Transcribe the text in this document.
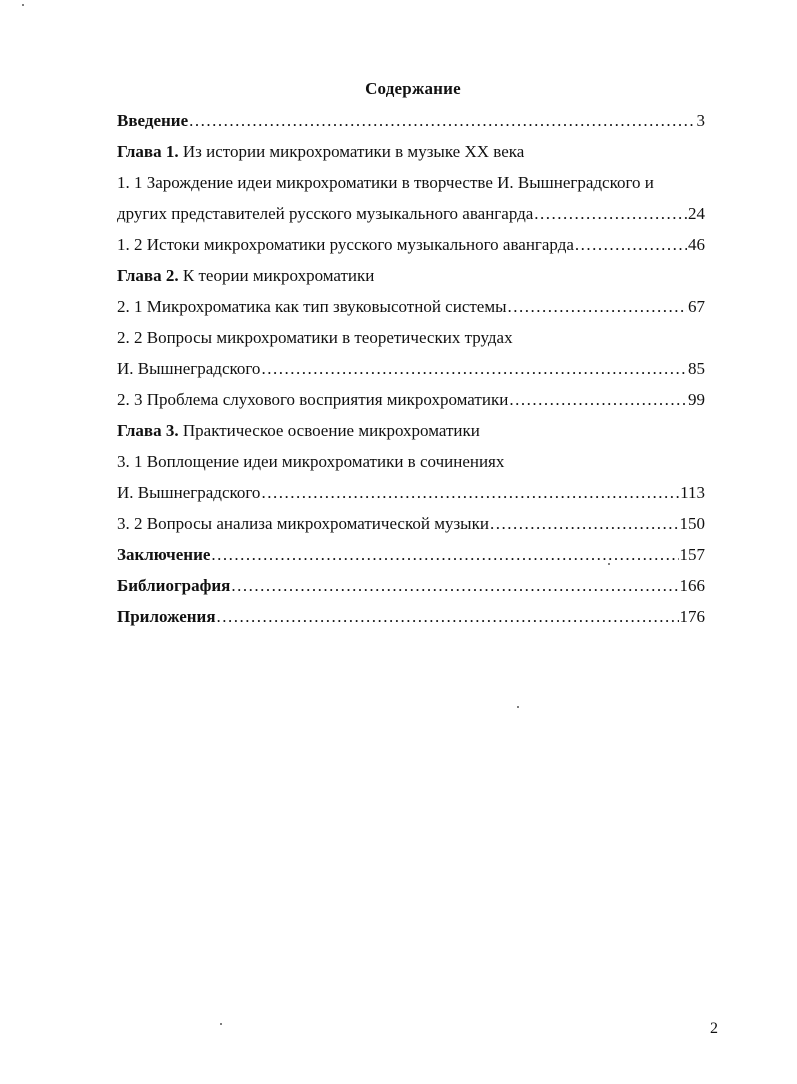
Содержание
Введение .....	3
Глава 1. Из истории микрохроматики в музыке XX века
1. 1 Зарождение идеи микрохроматики в творчестве И. Вышнеградского и
других представителей русского музыкального авангарда .....	24
1. 2 Истоки микрохроматики русского музыкального авангарда .....	46
Глава 2. К теории микрохроматики
2. 1 Микрохроматика как тип звуковысотной системы .....	67
2. 2 Вопросы микрохроматики в теоретических трудах
И. Вышнеградского .....	85
2. 3 Проблема слухового восприятия микрохроматики .....	99
Глава 3. Практическое освоение микрохроматики
3. 1 Воплощение идеи микрохроматики в сочинениях
И. Вышнеградского .....	113
3. 2 Вопросы анализа микрохроматической музыки .....	150
Заключение .....	157
Библиография .....	166
Приложения .....	176
2
